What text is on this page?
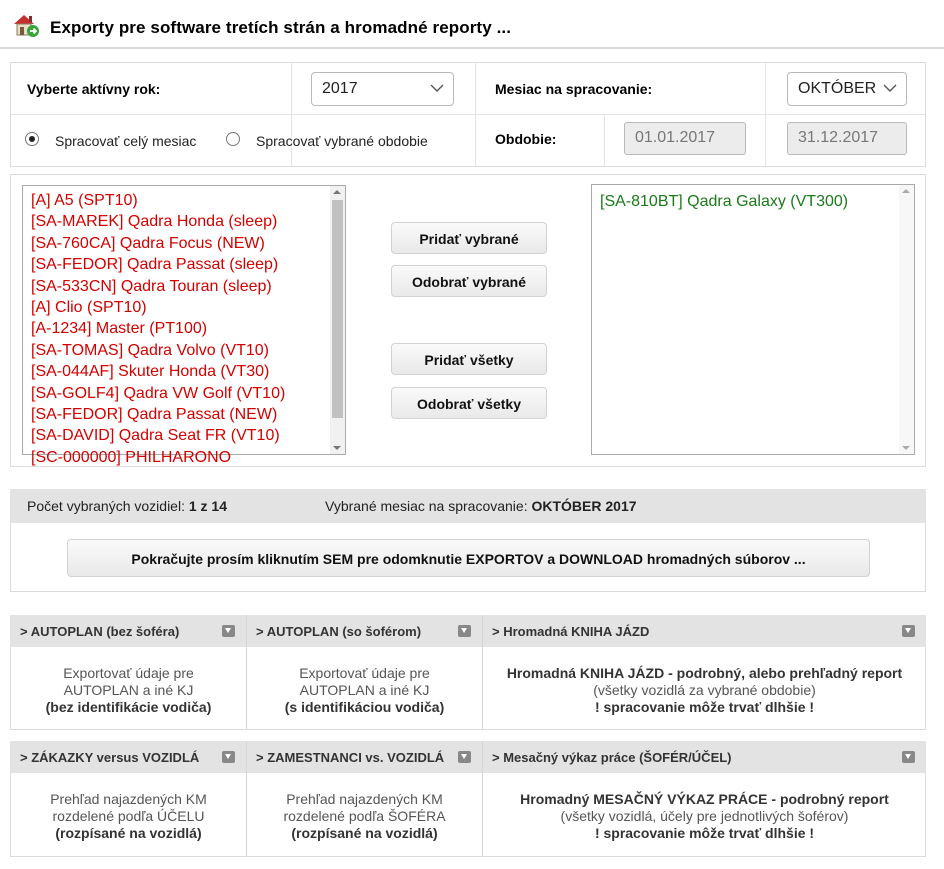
Exporty pre software tretích strán a hromadné reporty ...
Vyberte aktívny rok:	2017	Mesiac na spracovanie:	OKTÓBER
Spracovať celý mesiac	Spracovať vybrané obdobie	Obdobie:	01.01.2017	31.12.2017
[A] A5 (SPT10)
[SA-MAREK] Qadra Honda (sleep)
[SA-760CA] Qadra Focus (NEW)
[SA-FEDOR] Qadra Passat (sleep)
[SA-533CN] Qadra Touran (sleep)
[A] Clio (SPT10)
[A-1234] Master (PT100)
[SA-TOMAS] Qadra Volvo (VT10)
[SA-044AF] Skuter Honda (VT30)
[SA-GOLF4] Qadra VW Golf (VT10)
[SA-FEDOR] Qadra Passat (NEW)
[SA-DAVID] Qadra Seat FR (VT10)
[SC-000000] PHILHARONO
Pridať vybrané
Odobrať vybrané
Pridať všetky
Odobrať všetky
[SA-810BT] Qadra Galaxy (VT300)
Počet vybraných vozidiel: 1 z 14	Vybrané mesiac na spracovanie: OKTÓBER 2017
Pokračujte prosím kliknutím SEM pre odomknutie EXPORTOV a DOWNLOAD hromadných súborov ...
> AUTOPLAN (bez šoféra)	> AUTOPLAN (so šoférom)	> Hromadná KNIHA JÁZD
Exportovať údaje pre
AUTOPLAN a iné KJ
(bez identifikácie vodiča)
Exportovať údaje pre
AUTOPLAN a iné KJ
(s identifikáciou vodiča)
Hromadná KNIHA JÁZD - podrobný, alebo prehľadný report
(všetky vozidlá za vybrané obdobie)
! spracovanie môže trvať dlhšie !
> ZÁKAZKY versus VOZIDLÁ	> ZAMESTNANCI vs. VOZIDLÁ	> Mesačný výkaz práce (ŠOFÉR/ÚČEL)
Prehľad najazdených KM
rozdelené podľa ÚČELU
(rozpísané na vozidlá)
Prehľad najazdených KM
rozdelené podľa ŠOFÉRA
(rozpísané na vozidlá)
Hromadný MESAČNÝ VÝKAZ PRÁCE - podrobný report
(všetky vozidlá, účely pre jednotlivých šoférov)
! spracovanie môže trvať dlhšie !
